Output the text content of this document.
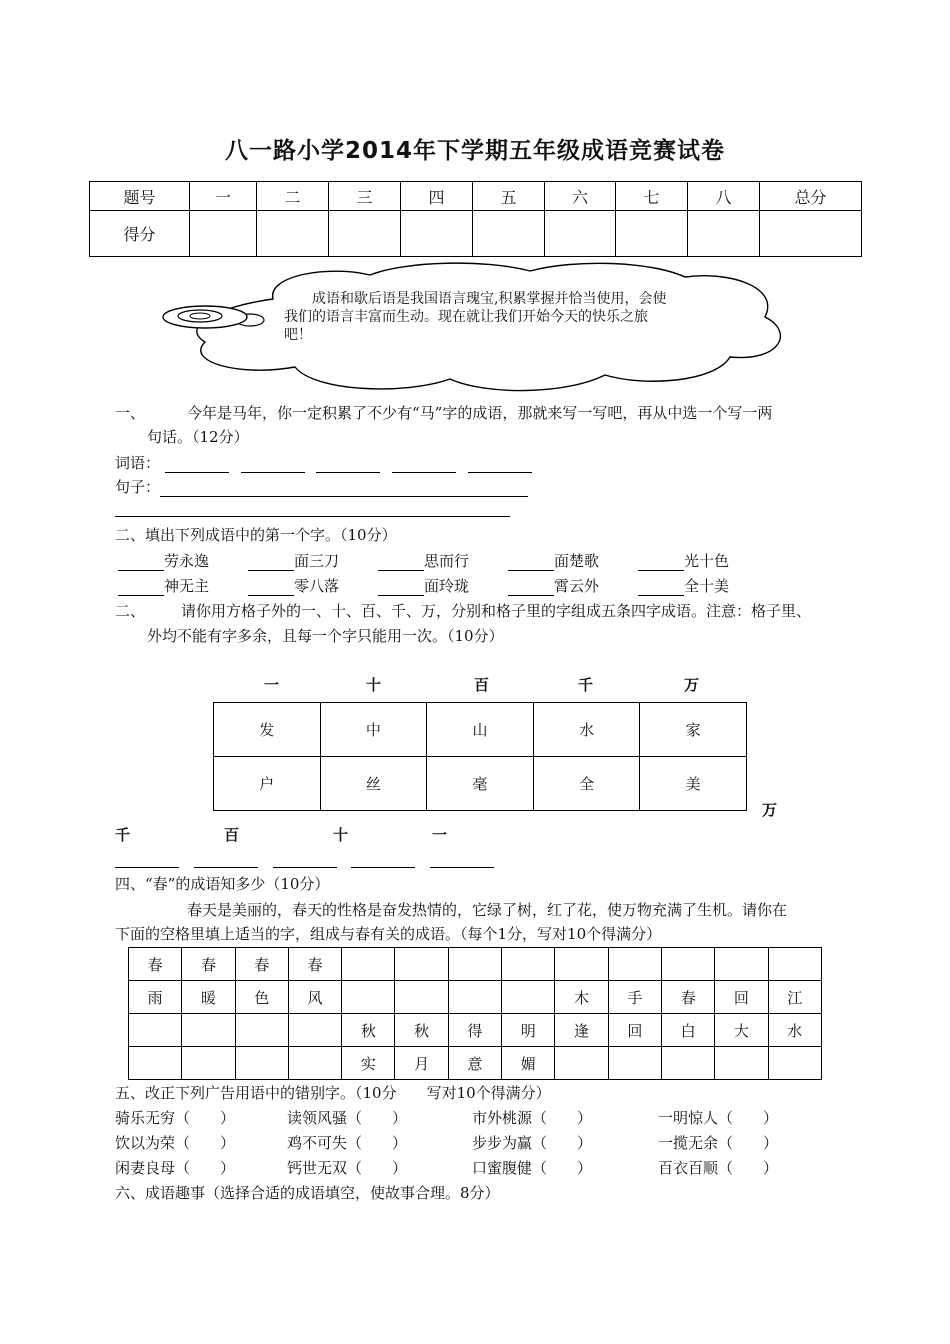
八一路小学2014年下学期五年级成语竞赛试卷
题号	一	二	三	四	五	六	七	八	总分
得分									
成语和歇后语是我国语言瑰宝,积累掌握并恰当使用，会使我们的语言丰富而生动。现在就让我们开始今天的快乐之旅吧！
一、	今年是马年，你一定积累了不少有“马”字的成语，那就来写一写吧，再从中选一个写一两
句话。（12分）
词语：
句子：
二、填出下列成语中的第一个字。（10分）
劳永逸	面三刀	思而行	面楚歌	光十色
神无主	零八落	面玲珑	霄云外	全十美
二、 请你用方格子外的一、十、百、千、万，分别和格子里的字组成五条四字成语。注意：格子里、
外均不能有字多余，且每一个字只能用一次。（10分）
一	十	百	千	万
发	中	山	水	家
户	丝	毫	全	美
万
千	百	十	一

四、“春”的成语知多少（10分）
春天是美丽的，春天的性格是奋发热情的，它绿了树，红了花，使万物充满了生机。请你在
下面的空格里填上适当的字，组成与春有关的成语。（每个1分，写对10个得满分）
春	春	春	春									
雨	暖	色	风					木	手	春	回	江
				秋	秋	得	明	逢	回	白	大	水
				实	月	意	媚					
五、改正下列广告用语中的错别字。（10分　　写对10个得满分）
骑乐无穷（　　）	读领风骚（　　）	市外桃源（　　）	一明惊人（　　）
饮以为荣（　　）	鸡不可失（　　）	步步为赢（　　）	一揽无余（　　）
闲妻良母（　　）	钙世无双（　　）	口蜜腹健（　　）	百衣百顺（　　）
六、成语趣事（选择合适的成语填空，使故事合理。8分）
